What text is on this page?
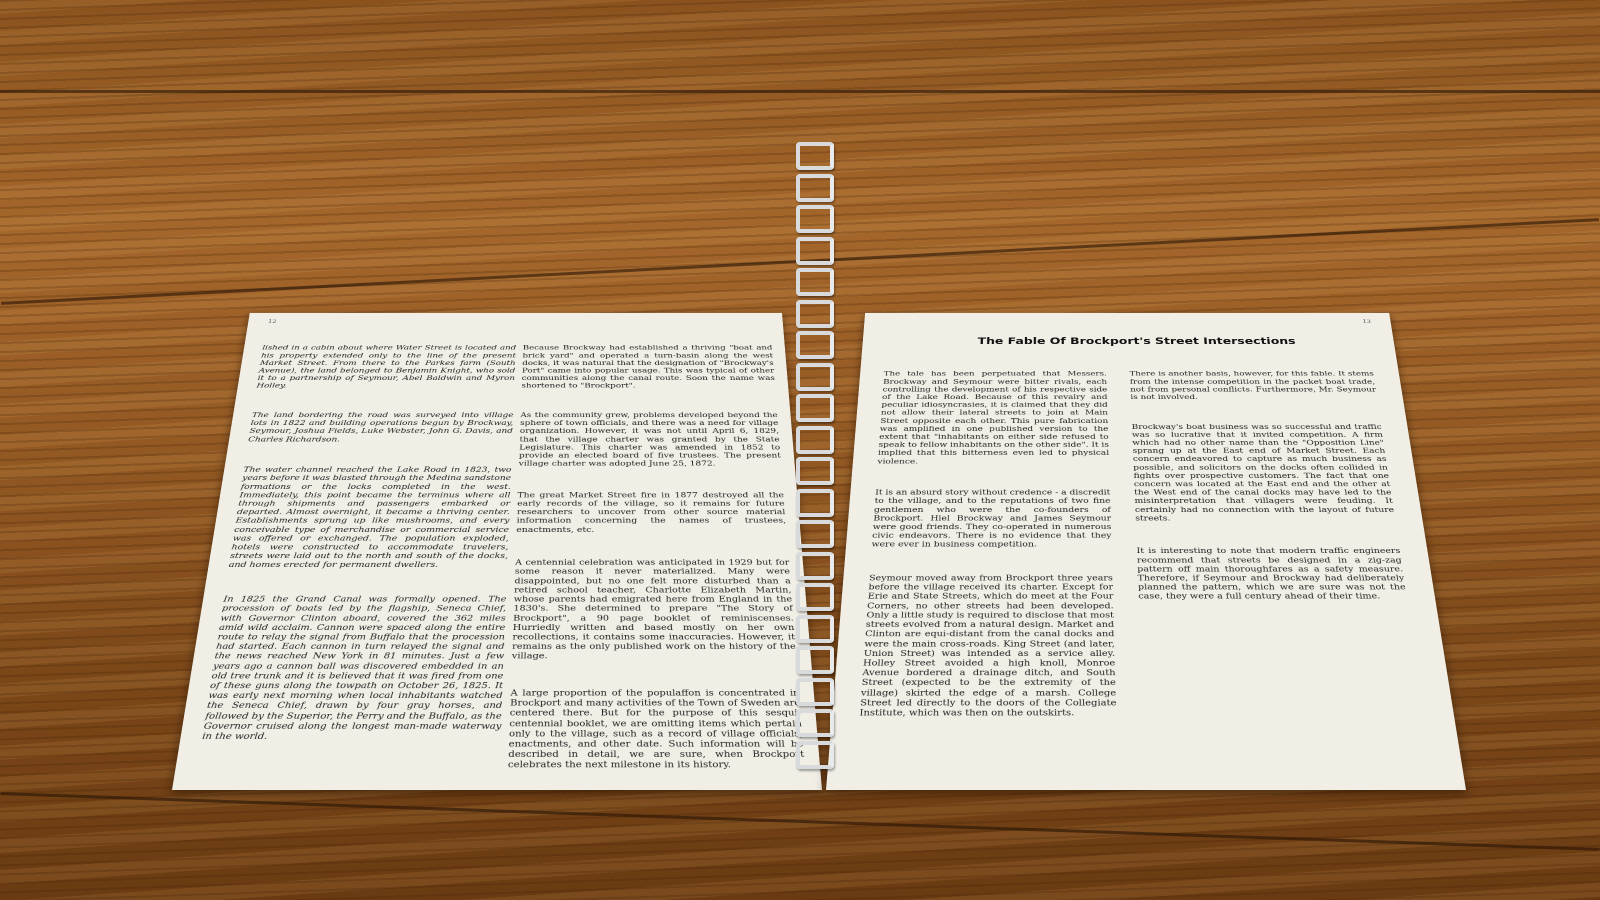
12

lished in a cabin about where Water Street is located and his property extended only to the line of the present Market Street. From there to the Parkes farm (South Avenue), the land belonged to Benjamin Knight, who sold it to a partnership of Seymour, Abel Baldwin and Myron Holley.

The land bordering the road was surveyed into village lots in 1822 and building operations begun by Brockway, Seymour, Joshua Fields, Luke Webster, John G. Davis, and Charles Richardson.

The water channel reached the Lake Road in 1823, two years before it was blasted through the Medina sandstone formations or the locks completed in the west. Immediately, this point became the terminus where all through shipments and passengers embarked or departed. Almost overnight, it became a thriving center. Establishments sprung up like mushrooms, and every conceivable type of merchandise or commercial service was offered or exchanged. The population exploded, hotels were constructed to accommodate travelers, streets were laid out to the north and south of the docks, and homes erected for permanent dwellers.

In 1825 the Grand Canal was formally opened. The procession of boats led by the flagship, Seneca Chief, with Governor Clinton aboard, covered the 362 miles amid wild acclaim. Cannon were spaced along the entire route to relay the signal from Buffalo that the procession had started. Each cannon in turn relayed the signal and the news reached New York in 81 minutes. Just a few years ago a cannon ball was discovered embedded in an old tree trunk and it is believed that it was fired from one of these guns along the towpath on October 26, 1825. It was early next morning when local inhabitants watched the Seneca Chief, drawn by four gray horses, and followed by the Superior, the Perry and the Buffalo, as the Governor cruised along the longest man-made waterway in the world.

Because Brockway had established a thriving "boat and brick yard" and operated a turn-basin along the west docks, it was natural that the designation of "Brockway's Port" came into popular usage. This was typical of other communities along the canal route. Soon the name was shortened to "Brockport".

As the community grew, problems developed beyond the sphere of town officials, and there was a need for village organization. However, it was not until April 6, 1829, that the village charter was granted by the State Legislature. This charter was amended in 1852 to provide an elected board of five trustees. The present village charter was adopted June 25, 1872.

The great Market Street fire in 1877 destroyed all the early records of the village, so it remains for future researchers to uncover from other source material information concerning the names of trustees, enactments, etc.

A centennial celebration was anticipated in 1929 but for some reason it never materialized. Many were disappointed, but no one felt more disturbed than a retired school teacher, Charlotte Elizabeth Martin, whose parents had emigrated here from England in the 1830's. She determined to prepare "The Story of Brockport", a 90 page booklet of reminiscenses. Hurriedly written and based mostly on her own recollections, it contains some inaccuracies. However, it remains as the only published work on the history of the village.

A large proportion of the populaffon is concentrated in Brockport and many activities of the Town of Sweden are centered there. But for the purpose of this sesqui-centennial booklet, we are omitting items which pertain only to the village, such as a record of village officials, enactments, and other date. Such information will be described in detail, we are sure, when Brockport celebrates the next milestone in its history.

13
The Fable Of Brockport's Street Intersections

The tale has been perpetuated that Messers. Brockway and Seymour were bitter rivals, each controlling the development of his respective side of the Lake Road. Because of this revalry and peculiar idiosyncrasies, it is claimed that they did not allow their lateral streets to join at Main Street opposite each other. This pure fabrication was amplified in one published version to the extent that "inhabitants on either side refused to speak to fellow inhabitants on the other side". It is implied that this bitterness even led to physical violence.

It is an absurd story without credence - a discredit to the village, and to the reputations of two fine gentlemen who were the co-founders of Brockport. Hiel Brockway and James Seymour were good friends. They co-operated in numerous civic endeavors. There is no evidence that they were ever in business competition.

Seymour moved away from Brockport three years before the village received its charter. Except for Erie and State Streets, which do meet at the Four Corners, no other streets had been developed. Only a little study is required to disclose that most streets evolved from a natural design. Market and Clinton are equi-distant from the canal docks and were the main cross-roads. King Street (and later, Union Street) was intended as a service alley. Holley Street avoided a high knoll, Monroe Avenue bordered a drainage ditch, and South Street (expected to be the extremity of the village) skirted the edge of a marsh. College Street led directly to the doors of the Collegiate Institute, which was then on the outskirts.

There is another basis, however, for this fable. It stems from the intense competition in the packet boat trade, not from personal conflicts. Furthermore, Mr. Seymour is not involved.

Brockway's boat business was so successful and traffic was so lucrative that it invited competition. A firm which had no other name than the "Opposition Line" sprang up at the East end of Market Street. Each concern endeavored to capture as much business as possible, and solicitors on the docks often collided in fights over prospective customers. The fact that one concern was located at the East end and the other at the West end of the canal docks may have led to the misinterpretation that villagers were feuding. It certainly had no connection with the layout of future streets.

It is interesting to note that modern traffic engineers recommend that streets be designed in a zig-zag pattern off main thoroughfares as a safety measure. Therefore, if Seymour and Brockway had deliberately planned the pattern, which we are sure was not the case, they were a full century ahead of their time.
